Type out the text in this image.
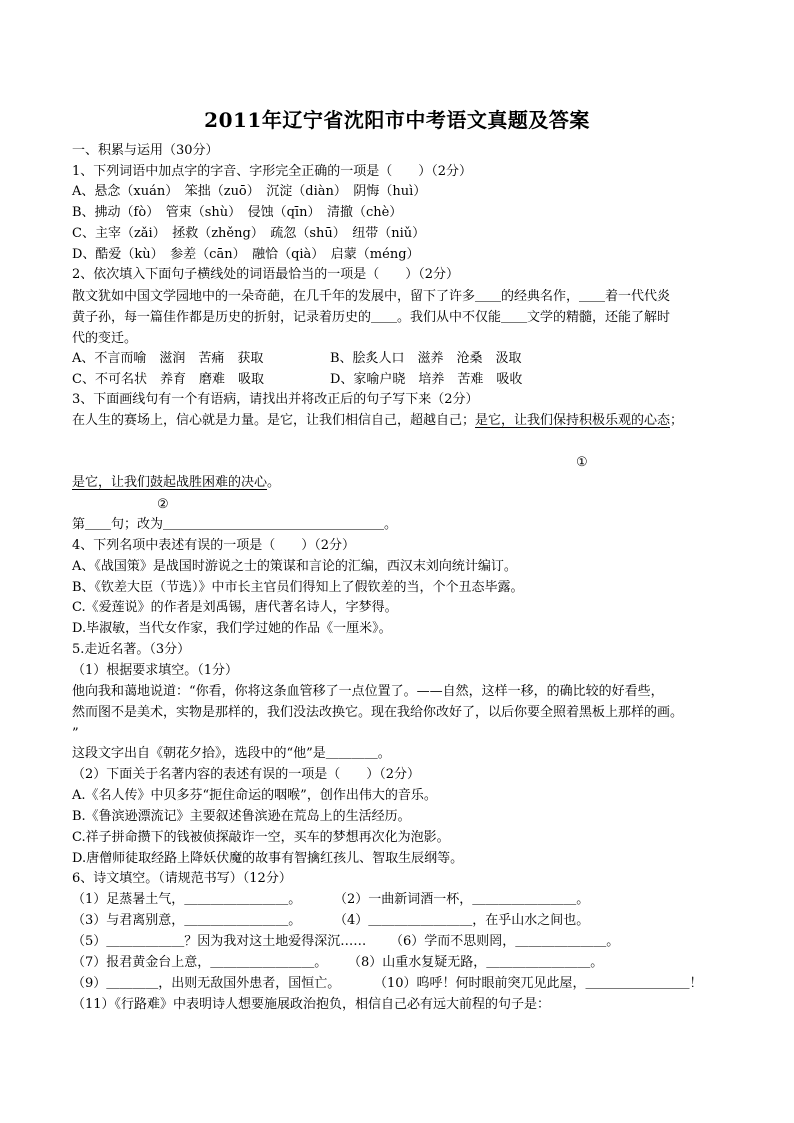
2011年辽宁省沈阳市中考语文真题及答案
一、积累与运用（30分）
1、下列词语中加点字的字音、字形完全正确的一项是（　　）（2分）
A、悬念（xuán）　笨拙（zuō）　沉淀（diàn）　阴悔（huì）
B、拂动（fò）　管束（shù）　侵蚀（qīn）　清撤（chè）
C、主宰（zǎi）　拯救（zhěng）　疏忽（shū）　纽带（niǔ）
D、酷爱（kù）　参差（cān）　融恰（qià）　启蒙（méng）
2、依次填入下面句子横线处的词语最恰当的一项是（　　）（2分）
散文犹如中国文学园地中的一朵奇葩，在几千年的发展中，留下了许多＿＿的经典名作，＿＿着一代代炎
黄子孙，每一篇佳作都是历史的折射，记录着历史的＿＿。我们从中不仅能＿＿文学的精髓，还能了解时
代的变迁。
A、不言而喻　滋润　苦痛　获取	B、脍炙人口　滋养　沧桑　汲取
C、不可名状　养育　磨难　吸取	D、家喻户晓　培养　苦难　吸收
3、下面画线句有一个有语病，请找出并将改正后的句子写下来（2分）
在人生的赛场上，信心就是力量。是它，让我们相信自己，超越自己；是它，让我们保持积极乐观的心态；
①
是它，让我们鼓起战胜困难的决心。
②
第＿＿句；改为＿＿＿＿＿＿＿＿＿＿＿＿＿＿＿＿＿。
4、下列名项中表述有误的一项是（　　）（2分）
A、《战国策》是战国时游说之士的策谋和言论的汇编，西汉末刘向统计编订。
B、《钦差大臣（节选）》中市长主官员们得知上了假钦差的当，个个丑态毕露。
C.《爱莲说》的作者是刘禹锡，唐代著名诗人，字梦得。
D.毕淑敏，当代女作家，我们学过她的作品《一厘米》。
5.走近名著。（3分）
（1）根据要求填空。（1分）
他向我和蔼地说道：“你看，你将这条血管移了一点位置了。——自然，这样一移，的确比较的好看些，
然而图不是美术，实物是那样的，我们没法改换它。现在我给你改好了，以后你要全照着黑板上那样的画。
”
这段文字出自《朝花夕拾》，选段中的“他”是＿＿＿＿。
（2）下面关于名著内容的表述有误的一项是（　　）（2分）
A.《名人传》中贝多芬“扼住命运的咽喉”，创作出伟大的音乐。
B.《鲁滨逊漂流记》主要叙述鲁滨逊在荒岛上的生活经历。
C.祥子拼命攒下的钱被侦探敲诈一空，买车的梦想再次化为泡影。
D.唐僧师徒取经路上降妖伏魔的故事有智擒红孩儿、智取生辰纲等。
6、诗文填空。（请规范书写）（12分）
（1）足蒸暑土气，＿＿＿＿＿＿＿＿。	（2）一曲新词酒一杯，＿＿＿＿＿＿＿＿。
（3）与君离别意，＿＿＿＿＿＿＿＿。	（4）＿＿＿＿＿＿＿＿，在乎山水之间也。
（5）＿＿＿＿＿＿？因为我对这土地爱得深沉…… （6）学而不思则罔，＿＿＿＿＿＿＿。
（7）报君黄金台上意，＿＿＿＿＿＿＿＿。 （8）山重水复疑无路，＿＿＿＿＿＿＿＿。
（9）＿＿＿＿，出则无敌国外患者，国恒亡。	（10）呜呼！何时眼前突兀见此屋，＿＿＿＿＿＿＿＿！
（11）《行路难》中表明诗人想要施展政治抱负，相信自己必有远大前程的句子是：
